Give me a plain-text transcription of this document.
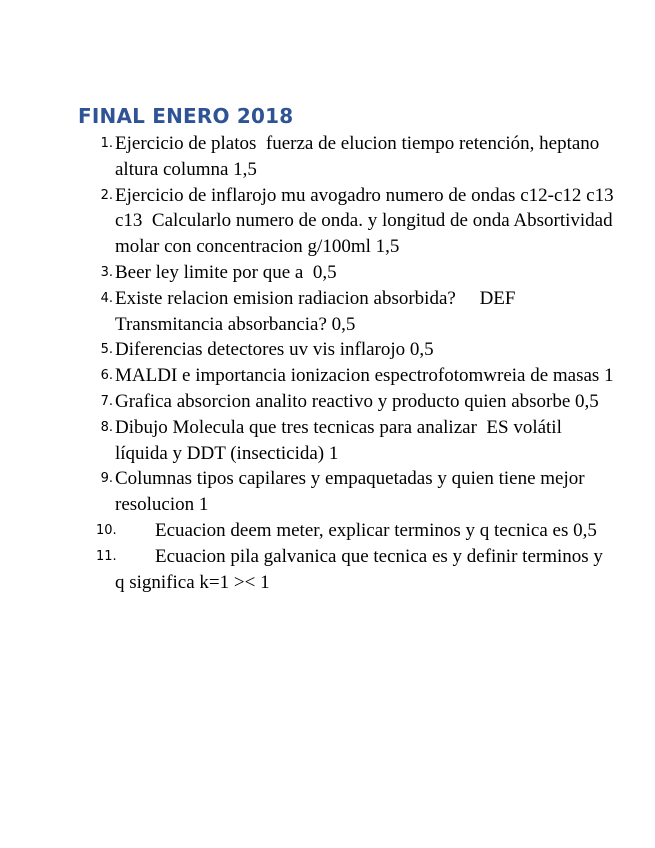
FINAL ENERO 2018
1. Ejercicio de platos  fuerza de elucion tiempo retención, heptano altura columna 1,5
2. Ejercicio de inflarojo mu avogadro numero de ondas c12-c12 c13 c13  Calcularlo numero de onda. y longitud de onda Absortividad molar con concentracion g/100ml 1,5
3. Beer ley limite por que a  0,5
4. Existe relacion emision radiacion absorbida?     DEF Transmitancia absorbancia? 0,5
5. Diferencias detectores uv vis inflarojo 0,5
6. MALDI e importancia ionizacion espectrofotomwreia de masas 1
7. Grafica absorcion analito reactivo y producto quien absorbe 0,5
8. Dibujo Molecula que tres tecnicas para analizar  ES volátil líquida y DDT (insecticida) 1
9. Columnas tipos capilares y empaquetadas y quien tiene mejor resolucion 1
10.	Ecuacion deem meter, explicar terminos y q tecnica es 0,5
11.	Ecuacion pila galvanica que tecnica es y definir terminos y q significa k=1 >< 1
